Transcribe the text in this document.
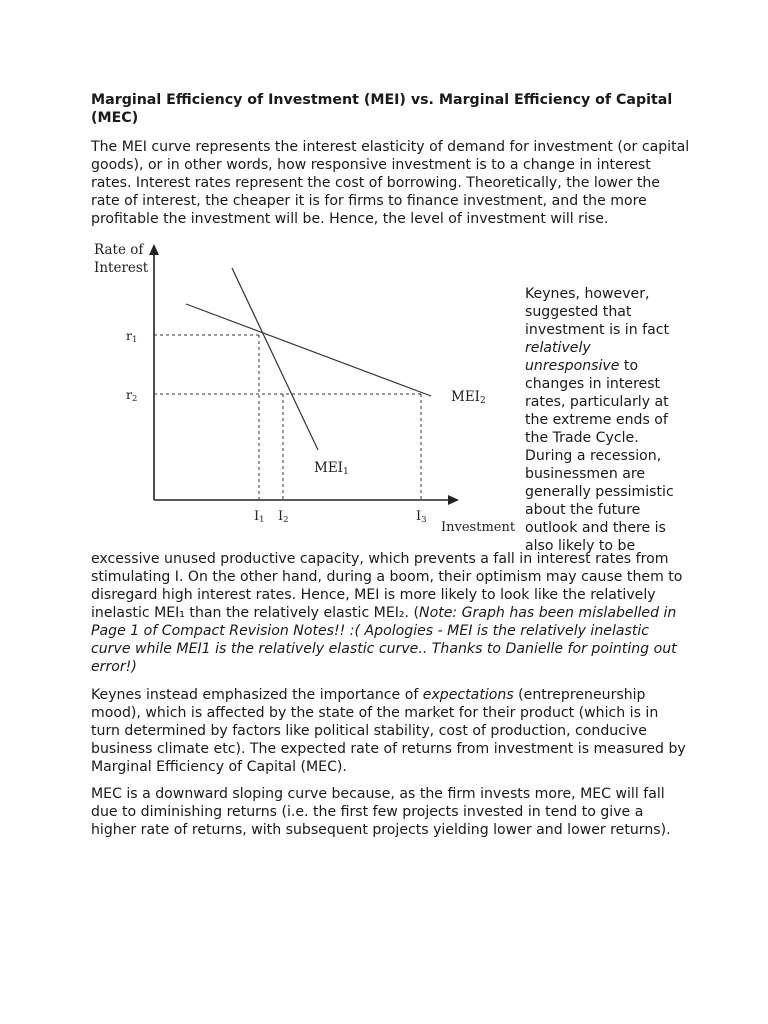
Marginal Efficiency of Investment (MEI) vs. Marginal Efficiency of Capital (MEC)

The MEI curve represents the interest elasticity of demand for investment (or capital goods), or in other words, how responsive investment is to a change in interest rates. Interest rates represent the cost of borrowing. Theoretically, the lower the rate of interest, the cheaper it is for firms to finance investment, and the more profitable the investment will be. Hence, the level of investment will rise.

Rate of
Interest
r1
r2	MEI2
MEI1
I1 I2	I3 Investment
Keynes, however, suggested that investment is in fact relatively unresponsive to changes in interest rates, particularly at the extreme ends of the Trade Cycle. During a recession, businessmen are generally pessimistic about the future outlook and there is also likely to be

excessive unused productive capacity, which prevents a fall in interest rates from stimulating I. On the other hand, during a boom, their optimism may cause them to disregard high interest rates. Hence, MEI is more likely to look like the relatively inelastic MEI₁ than the relatively elastic MEI₂. (Note: Graph has been mislabelled in Page 1 of Compact Revision Notes!! :( Apologies - MEI is the relatively inelastic curve while MEI1 is the relatively elastic curve.. Thanks to Danielle for pointing out error!)

Keynes instead emphasized the importance of expectations (entrepreneurship mood), which is affected by the state of the market for their product (which is in turn determined by factors like political stability, cost of production, conducive business climate etc). The expected rate of returns from investment is measured by Marginal Efficiency of Capital (MEC).

MEC is a downward sloping curve because, as the firm invests more, MEC will fall due to diminishing returns (i.e. the first few projects invested in tend to give a higher rate of returns, with subsequent projects yielding lower and lower returns).
